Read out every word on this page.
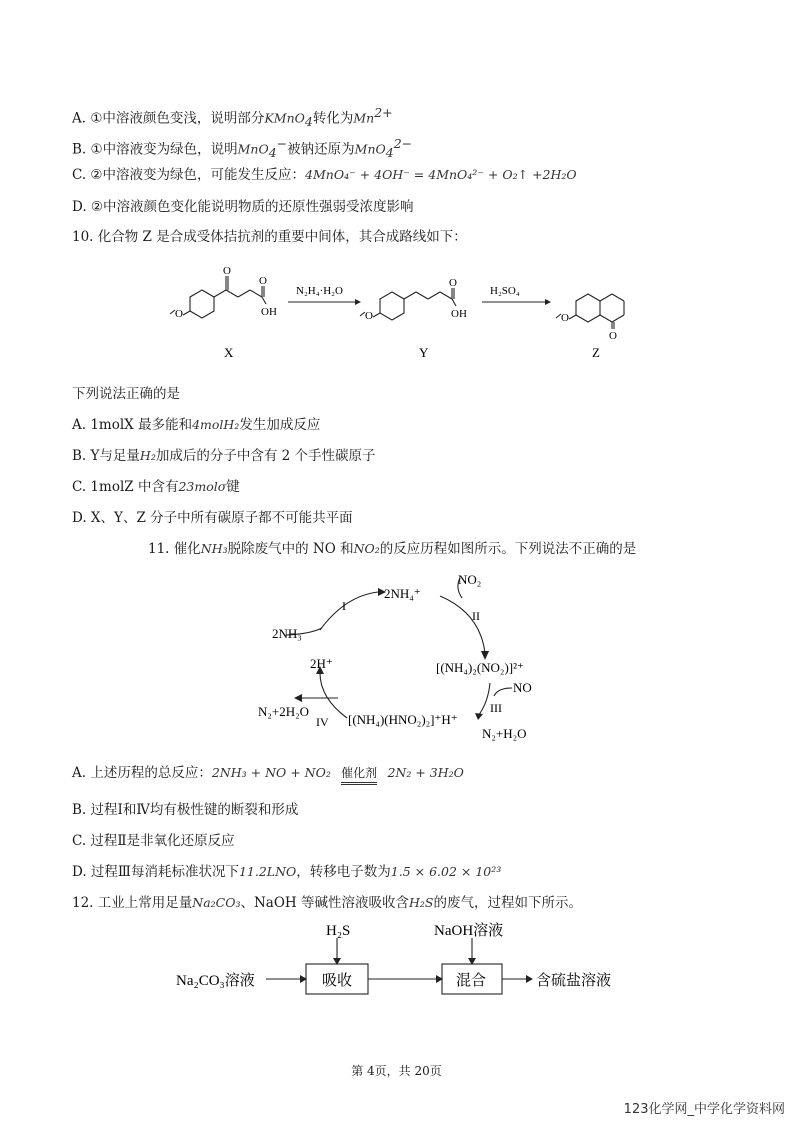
A. ①中溶液颜色变浅，说明部分KMnO$_4$转化为$Mn^{2+}$
B. ①中溶液变为绿色，说明MnO$_4$−被钠还原为MnO$_4^{2-}$
C. ②中溶液变为绿色，可能发生反应：4MnO₄⁻ + 4OH⁻ = 4MnO₄²⁻ + O₂↑ +2H₂O
D. ②中溶液颜色变化能说明物质的还原性强弱受浓度影响
10. 化合物 Z 是合成受体拮抗剂的重要中间体，其合成路线如下：
O
O
O
OH
N₂H₄·H₂O
O
O
OH
H₂SO₄
O
O
X	Y	Z
下列说法正确的是
A. 1molX 最多能和4molH₂发生加成反应
B. Y与足量H₂加成后的分子中含有 2 个手性碳原子
C. 1molZ 中含有23molσ键
D. X、Y、Z 分子中所有碳原子都不可能共平面
11. 催化NH₃脱除废气中的 NO 和NO₂的反应历程如图所示。下列说法不正确的是
2NH₄⁺
NO₂
I
II
2NH₃
[(NH₄)₂(NO₂)]²⁺
2H⁺
NO
III
N₂+2H₂O
IV [(NH₄)(HNO₂)₂]⁺H⁺
N₂+H₂O
A. 上述历程的总反应：2NH₃ + NO + NO₂ 催化剂 2N₂ + 3H₂O
B. 过程Ⅰ和Ⅳ均有极性键的断裂和形成
C. 过程Ⅱ是非氧化还原反应
D. 过程Ⅲ每消耗标准状况下11.2LNO，转移电子数为1.5 × 6.02 × 10²³
12. 工业上常用足量Na₂CO₃、NaOH 等碱性溶液吸收含H₂S的废气，过程如下所示。
Na₂CO₃溶液
H₂S	NaOH溶液
吸收	混合	含硫盐溶液
第 4页，共 20页
123化学网_中学化学资料网
